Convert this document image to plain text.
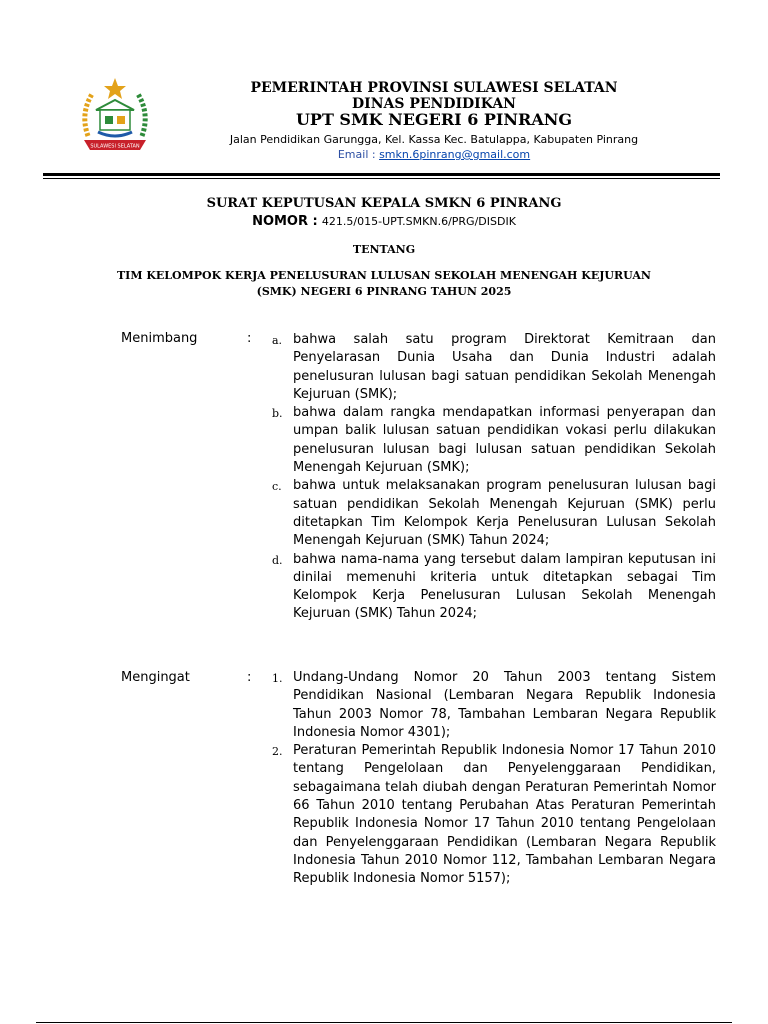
SULAWESI SELATAN
PEMERINTAH PROVINSI SULAWESI SELATAN
DINAS PENDIDIKAN
UPT SMK NEGERI 6 PINRANG
Jalan Pendidikan Garungga, Kel. Kassa Kec. Batulappa, Kabupaten Pinrang
Email : smkn.6pinrang@gmail.com
SURAT KEPUTUSAN KEPALA SMKN 6 PINRANG
NOMOR : 421.5/015-UPT.SMKN.6/PRG/DISDIK
TENTANG
TIM KELOMPOK KERJA PENELUSURAN LULUSAN SEKOLAH MENENGAH KEJURUAN
(SMK) NEGERI 6 PINRANG TAHUN 2025
Menimbang	: a. bahwa salah satu program Direktorat Kemitraan dan Penyelarasan Dunia Usaha dan Dunia Industri adalah penelusuran lulusan bagi satuan pendidikan Sekolah Menengah Kejuruan (SMK);
b. bahwa dalam rangka mendapatkan informasi penyerapan dan umpan balik lulusan satuan pendidikan vokasi perlu dilakukan penelusuran lulusan bagi lulusan satuan pendidikan Sekolah Menengah Kejuruan (SMK);
c. bahwa untuk melaksanakan program penelusuran lulusan bagi satuan pendidikan Sekolah Menengah Kejuruan (SMK) perlu ditetapkan Tim Kelompok Kerja Penelusuran Lulusan Sekolah Menengah Kejuruan (SMK) Tahun 2024;
d. bahwa nama-nama yang tersebut dalam lampiran keputusan ini dinilai memenuhi kriteria untuk ditetapkan sebagai Tim Kelompok Kerja Penelusuran Lulusan Sekolah Menengah Kejuruan (SMK) Tahun 2024;
Mengingat	: 1. Undang-Undang Nomor 20 Tahun 2003 tentang Sistem Pendidikan Nasional (Lembaran Negara Republik Indonesia Tahun 2003 Nomor 78, Tambahan Lembaran Negara Republik Indonesia Nomor 4301);
2. Peraturan Pemerintah Republik Indonesia Nomor 17 Tahun 2010 tentang Pengelolaan dan Penyelenggaraan Pendidikan, sebagaimana telah diubah dengan Peraturan Pemerintah Nomor 66 Tahun 2010 tentang Perubahan Atas Peraturan Pemerintah Republik Indonesia Nomor 17 Tahun 2010 tentang Pengelolaan dan Penyelenggaraan Pendidikan (Lembaran Negara Republik Indonesia Tahun 2010 Nomor 112, Tambahan Lembaran Negara Republik Indonesia Nomor 5157);
